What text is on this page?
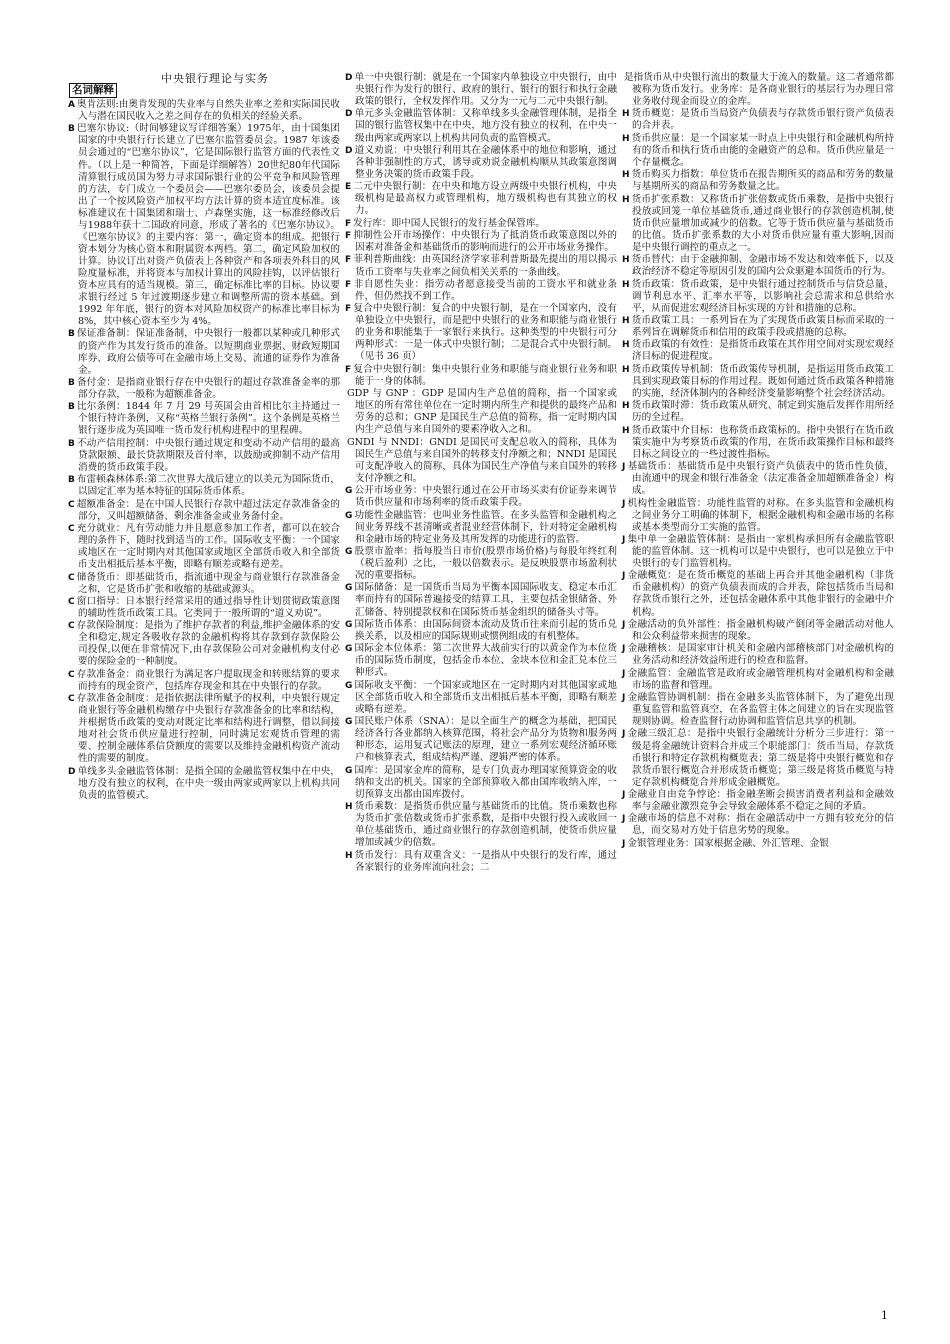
中央银行理论与实务
名词解释

A 奥肯法则:由奥肯发现的失业率与自然失业率之差和实际国民收入与潜在国民收入之差之间存在的负相关的经验关系。

B 巴塞尔协议:（时间够建议写详细答案）1975年，由十国集团国家的中央银行行长建立了巴塞尔监管委员会。1987 年该委员会通过的“巴塞尔协议”，它是国际银行监管方面的代表性文件。（以上是一种简答，下面是详细解答）20世纪80年代国际清算银行成员国为努力寻求国际银行业的公平竞争和风险管理的方法，专门成立一个委员会——巴塞尔委员会，该委员会提出了一个按风险资产加权平均方法计算的资本适宜度标准。该标准建议在十国集团和瑞士、卢森堡实施，这一标准经修改后与1988年获十二国政府同意，形成了著名的《巴塞尔协议》。《巴塞尔协议》的主要内容：第一，确定资本的组成。把银行资本划分为核心资本和附属资本两档。第二，确定风险加权的计算。协议订出对资产负债表上各种资产和各项表外科目的风险度量标准，并将资本与加权计算出的风险挂钩，以评估银行资本应具有的适当规模。第三，确定标准比率的目标。协议要求银行经过 5 年过渡期逐步建立和调整所需的资本基础。到 1992 年年底，银行的资本对风险加权资产的标准比率目标为 8%，其中核心资本至少为 4%。

B 保证准备制：保证准备制，中央银行一般都以某种或几种形式的资产作为其发行货币的准备。以短期商业票据、财政短期国库券、政府公债等可在金融市场上交易、流通的证券作为准备金。

B 备付金：是指商业银行存在中央银行的超过存款准备金率的那部分存款，一般称为超额准备金。

B 比尔条例：1844 年 7 月 29 号英国会由首相比尔主持通过一个银行特许条例，又称“英格兰银行条例”。这个条例是英格兰银行逐步成为英国唯一货币发行机构进程中的里程碑。

B 不动产信用控制：中央银行通过规定和变动不动产信用的最高贷款限额、最长贷款期限及首付率，以鼓励或抑制不动产信用消费的货币政策手段。

B 布雷顿森林体系:第二次世界大战后建立的以美元为国际货币，以固定汇率为基本特征的国际货币体系。

C 超额准备金：是在中国人民银行存款中超过法定存款准备金的部分，又叫超额储备、剩余准备金或业务备付金。

C 充分就业：凡有劳动能力并且愿意参加工作者，都可以在较合理的条件下，随时找到适当的工作。国际收支平衡：一个国家或地区在一定时期内对其他国家或地区全部货币收入和全部货币支出相抵后基本平衡，即略有顺差或略有逆差。

C 储备货币：即基础货币，指流通中现金与商业银行存款准备金之和，它是货币扩张和收缩的基础或源头。

C 窗口指导：日本银行经常采用的通过指导性计划贯彻政策意图的辅助性货币政策工具。它类同于一般所谓的“道义劝说”。

C 存款保险制度：是指为了维护存款者的利益,维护金融体系的安全和稳定,规定各吸收存款的金融机构将其存款到存款保险公司投保,以便在非常情况下,由存款保险公司对金融机构支付必要的保险金的一种制度。

C 存款准备金：商业银行为满足客户提取现金和转账结算的要求而持有的现金资产，包括库存现金和其在中央银行的存款。

C 存款准备金制度：是指依据法律所赋予的权利，中央银行规定商业银行等金融机构缴存中央银行存款准备金的比率和结构，并根据货币政策的变动对既定比率和结构进行调整，借以间接地对社会货币供应量进行控制，同时满足宏观货币管理的需要、控制金融体系信贷额度的需要以及维持金融机构资产流动性的需要的制度。

D 单线多头金融监管体制：是指全国的金融监管权集中在中央，地方没有独立的权利，在中央一级由两家或两家以上机构共同负责的监管模式。

D 单一中央银行制：就是在一个国家内单独设立中央银行，由中央银行作为发行的银行、政府的银行、银行的银行和执行金融政策的银行，全权发挥作用。又分为一元与二元中央银行制。

D 单元多头金融监管体制：又称单线多头金融管理体制，是指全国的银行监管权集中在中央，地方没有独立的权利，在中央一级由两家或两家以上机构共同负责的监管模式。

D 道义劝说：中央银行利用其在金融体系中的地位和影响，通过各种非强制性的方式，诱导或劝说金融机构顺从其政策意图调整业务决策的货币政策手段。

E 二元中央银行制：在中央和地方设立两级中央银行机构，中央级机构是最高权力或管理机构，地方级机构也有其独立的权力。

F 发行库：即中国人民银行的发行基金保管库。

F 抑制性公开市场操作：中央银行为了抵消货币政策意图以外的因素对准备金和基础货币的影响而进行的公开市场业务操作。

F 菲利普斯曲线：由英国经济学家菲利普斯最先提出的用以揭示货币工资率与失业率之间负相关关系的一条曲线。

F 非自愿性失业：指劳动者愿意接受当前的工资水平和就业条件，但仍然找不到工作。

F 复合中央银行制：复合的中央银行制，是在一个国家内，没有单独设立中央银行，而是把中央银行的业务和职能与商业银行的业务和职能集于一家银行来执行。这种类型的中央银行可分两种形式：一是一体式中央银行制；二是混合式中央银行制。（见书 36 页）

F 复合中央银行制：集中央银行业务和职能与商业银行业务和职能于一身的体制。

GDP 与 GNP ：GDP 是国内生产总值的简称，指一个国家或地区的所有常住单位在一定时期内所生产和提供的最终产品和劳务的总和；GNP 是国民生产总值的简称，指一定时期内国内生产总值与来自国外的要素净收入之和。

GNDI 与 NNDI：GNDI 是国民可支配总收入的简称，具体为国民生产总值与来自国外的转移支付净额之和；NNDI 是国民可支配净收入的简称，具体为国民生产净值与来自国外的转移支付净额之和。

G 公开市场业务：中央银行通过在公开市场买卖有价证券来调节货币供应量和市场利率的货币政策手段。

G 功能性金融监管：也叫业务性监管。在多头监管和金融机构之间业务界线不甚清晰或者混业经营体制下，针对特定金融机构和金融市场的特定业务及其所发挥的功能进行的监管。

G 股票市盈率：指每股当日市价(股票市场价格)与每股年终红利（税后盈利）之比，一般以倍数表示。是反映股票市场盈利状况的重要指标。

G 国际储备：是一国货币当局为平衡本国国际收支、稳定本币汇率而持有的国际普遍接受的结算工具，主要包括金银储备、外汇储备、特别提款权和在国际货币基金组织的储备头寸等。

G 国际货币体系：由国际间资本流动及货币往来而引起的货币兑换关系，以及相应的国际规则或惯例组成的有机整体。

G 国际金本位体系：第二次世界大战前实行的以黄金作为本位货币的国际货币制度，包括金币本位、金块本位和金汇兑本位三种形式。

G 国际收支平衡：一个国家或地区在一定时期内对其他国家或地区全部货币收入和全部货币支出相抵后基本平衡，即略有顺差或略有逆差。

G 国民账户体系（SNA）：是以全面生产的概念为基础，把国民经济各行各业都纳入核算范围，将社会产品分为货物和服务两种形态，运用复式记账法的原理，建立一系列宏观经济循环账户和核算表式，组成结构严谨、逻辑严密的体系。

G 国库：是国家金库的简称，是专门负责办理国家预算资金的收纳和支出的机关。国家的全部预算收入都由国库收纳入库，一切预算支出都由国库拨付。

H 货币乘数：是指货币供应量与基础货币的比值。货币乘数也称为货币扩张倍数或货币扩张系数，是指中央银行投入或收回一单位基础货币，通过商业银行的存款创造机制，使货币供应量增加或减少的倍数。

H 货币发行：具有双重含义：一是指从中央银行的发行库，通过各家银行的业务库流向社会；二

是指货币从中央银行流出的数量大于流入的数量。这二者通常都被称为货币发行。业务库：是各商业银行的基层行为办理日常业务收付现金而设立的金库。

H 货币概览：是货币当局资产负债表与存款货币银行资产负债表的合并表。

H 货币供应量：是一个国家某一时点上中央银行和金融机构所持有的货币和执行货币由能的金融资产的总和。货币供应量是一个存量概念。

H 货币购买力指数：单位货币在报告期所买的商品和劳务的数量与基期所买的商品和劳务数量之比。

H 货币扩张系数：又称货币扩张倍数或货币乘数，是指中央银行投放或回笼一单位基础货币,通过商业银行的存款创造机制,使货币供应量增加或减少的倍数。它等于货币供应量与基础货币的比值。货币扩张系数的大小对货币供应量有重大影响,因而是中央银行调控的重点之一。

H 货币替代：由于金融抑制、金融市场不发达和效率低下，以及政治经济不稳定等原因引发的国内公众驱避本国货币的行为。

H 货币政策：货币政策，是中央银行通过控制货币与信贷总量，调节利息水平、汇率水平等，以影响社会总需求和总供给水平，从而促进宏观经济目标实现的方针和措施的总称。

H 货币政策工具：一系列旨在为了实现货币政策目标而采取的一系列旨在调解货币和信用的政策手段或措施的总称。

H 货币政策的有效性：是指货币政策在其作用空间对实现宏观经济目标的促进程度。

H 货币政策传导机制：货币政策传导机制，是指运用货币政策工具到实现政策目标的作用过程。既如何通过货币政策各种措施的实施，经济体制内的各种经济变量影响整个社会经济活动。

H 货币政策时滞：货币政策从研究、制定到实施后发挥作用所经历的全过程。

H 货币政策中介目标：也称货币政策标的。指中央银行在货币政策实施中为考察货币政策的作用，在货币政策操作目标和最终目标之间设立的一些过渡性指标。

J 基础货币：基础货币是中央银行资产负债表中的货币性负债，由流通中的现金和银行准备金（法定准备金加超额准备金）构成。

J 机构性金融监管：功能性监管的对称。在多头监管和金融机构之间业务分工明确的体制下，根据金融机构和金融市场的名称或基本类型而分工实施的监管。

J 集中单一金融监管体制：是指由一家机构承担所有金融监管职能的监管体制。这一机构可以是中央银行，也可以是独立于中央银行的专门监管机构。

J 金融概览：是在货币概览的基础上再合并其他金融机构（非货币金融机构）的资产负债表而成的合并表，除包括货币当局和存款货币银行之外，还包括金融体系中其他非银行的金融中介机构。

J 金融活动的负外部性：指金融机构破产倒闭等金融活动对他人和公众利益带来损害的现象。

J 金融稽核：是国家审计机关和金融内部稽核部门对金融机构的业务活动和经济效益所进行的检查和监督。

J 金融监管：金融监管是政府或金融管理机构对金融机构和金融市场的监督和管理。

J 金融监管协调机制：指在金融多头监管体制下，为了避免出现重复监管和监管真空，在各监管主体之间建立的旨在实现监管规则协调。检查监督行动协调和监管信息共享的机制。

J 金融三级汇总：是指中央银行金融统计分析分三步进行：第一级是将金融统计资料合并成三个职能部门：货币当局、存款货币银行和特定存款机构概览表；第二级是将中央银行概览和存款货币银行概览合并形成货币概览；第三级是将货币概览与特定存款机构概览合并形成金融概览。

J 金融业自由竞争悖论：指金融垄断会损害消费者利益和金融效率与金融业激烈竞争会导致金融体系不稳定之间的矛盾。

J 金融市场的信息不对称：指在金融活动中一方拥有较充分的信息，而交易对方处于信息劣势的现象。

J 金银管理业务：国家根据金融、外汇管理、金银

1
